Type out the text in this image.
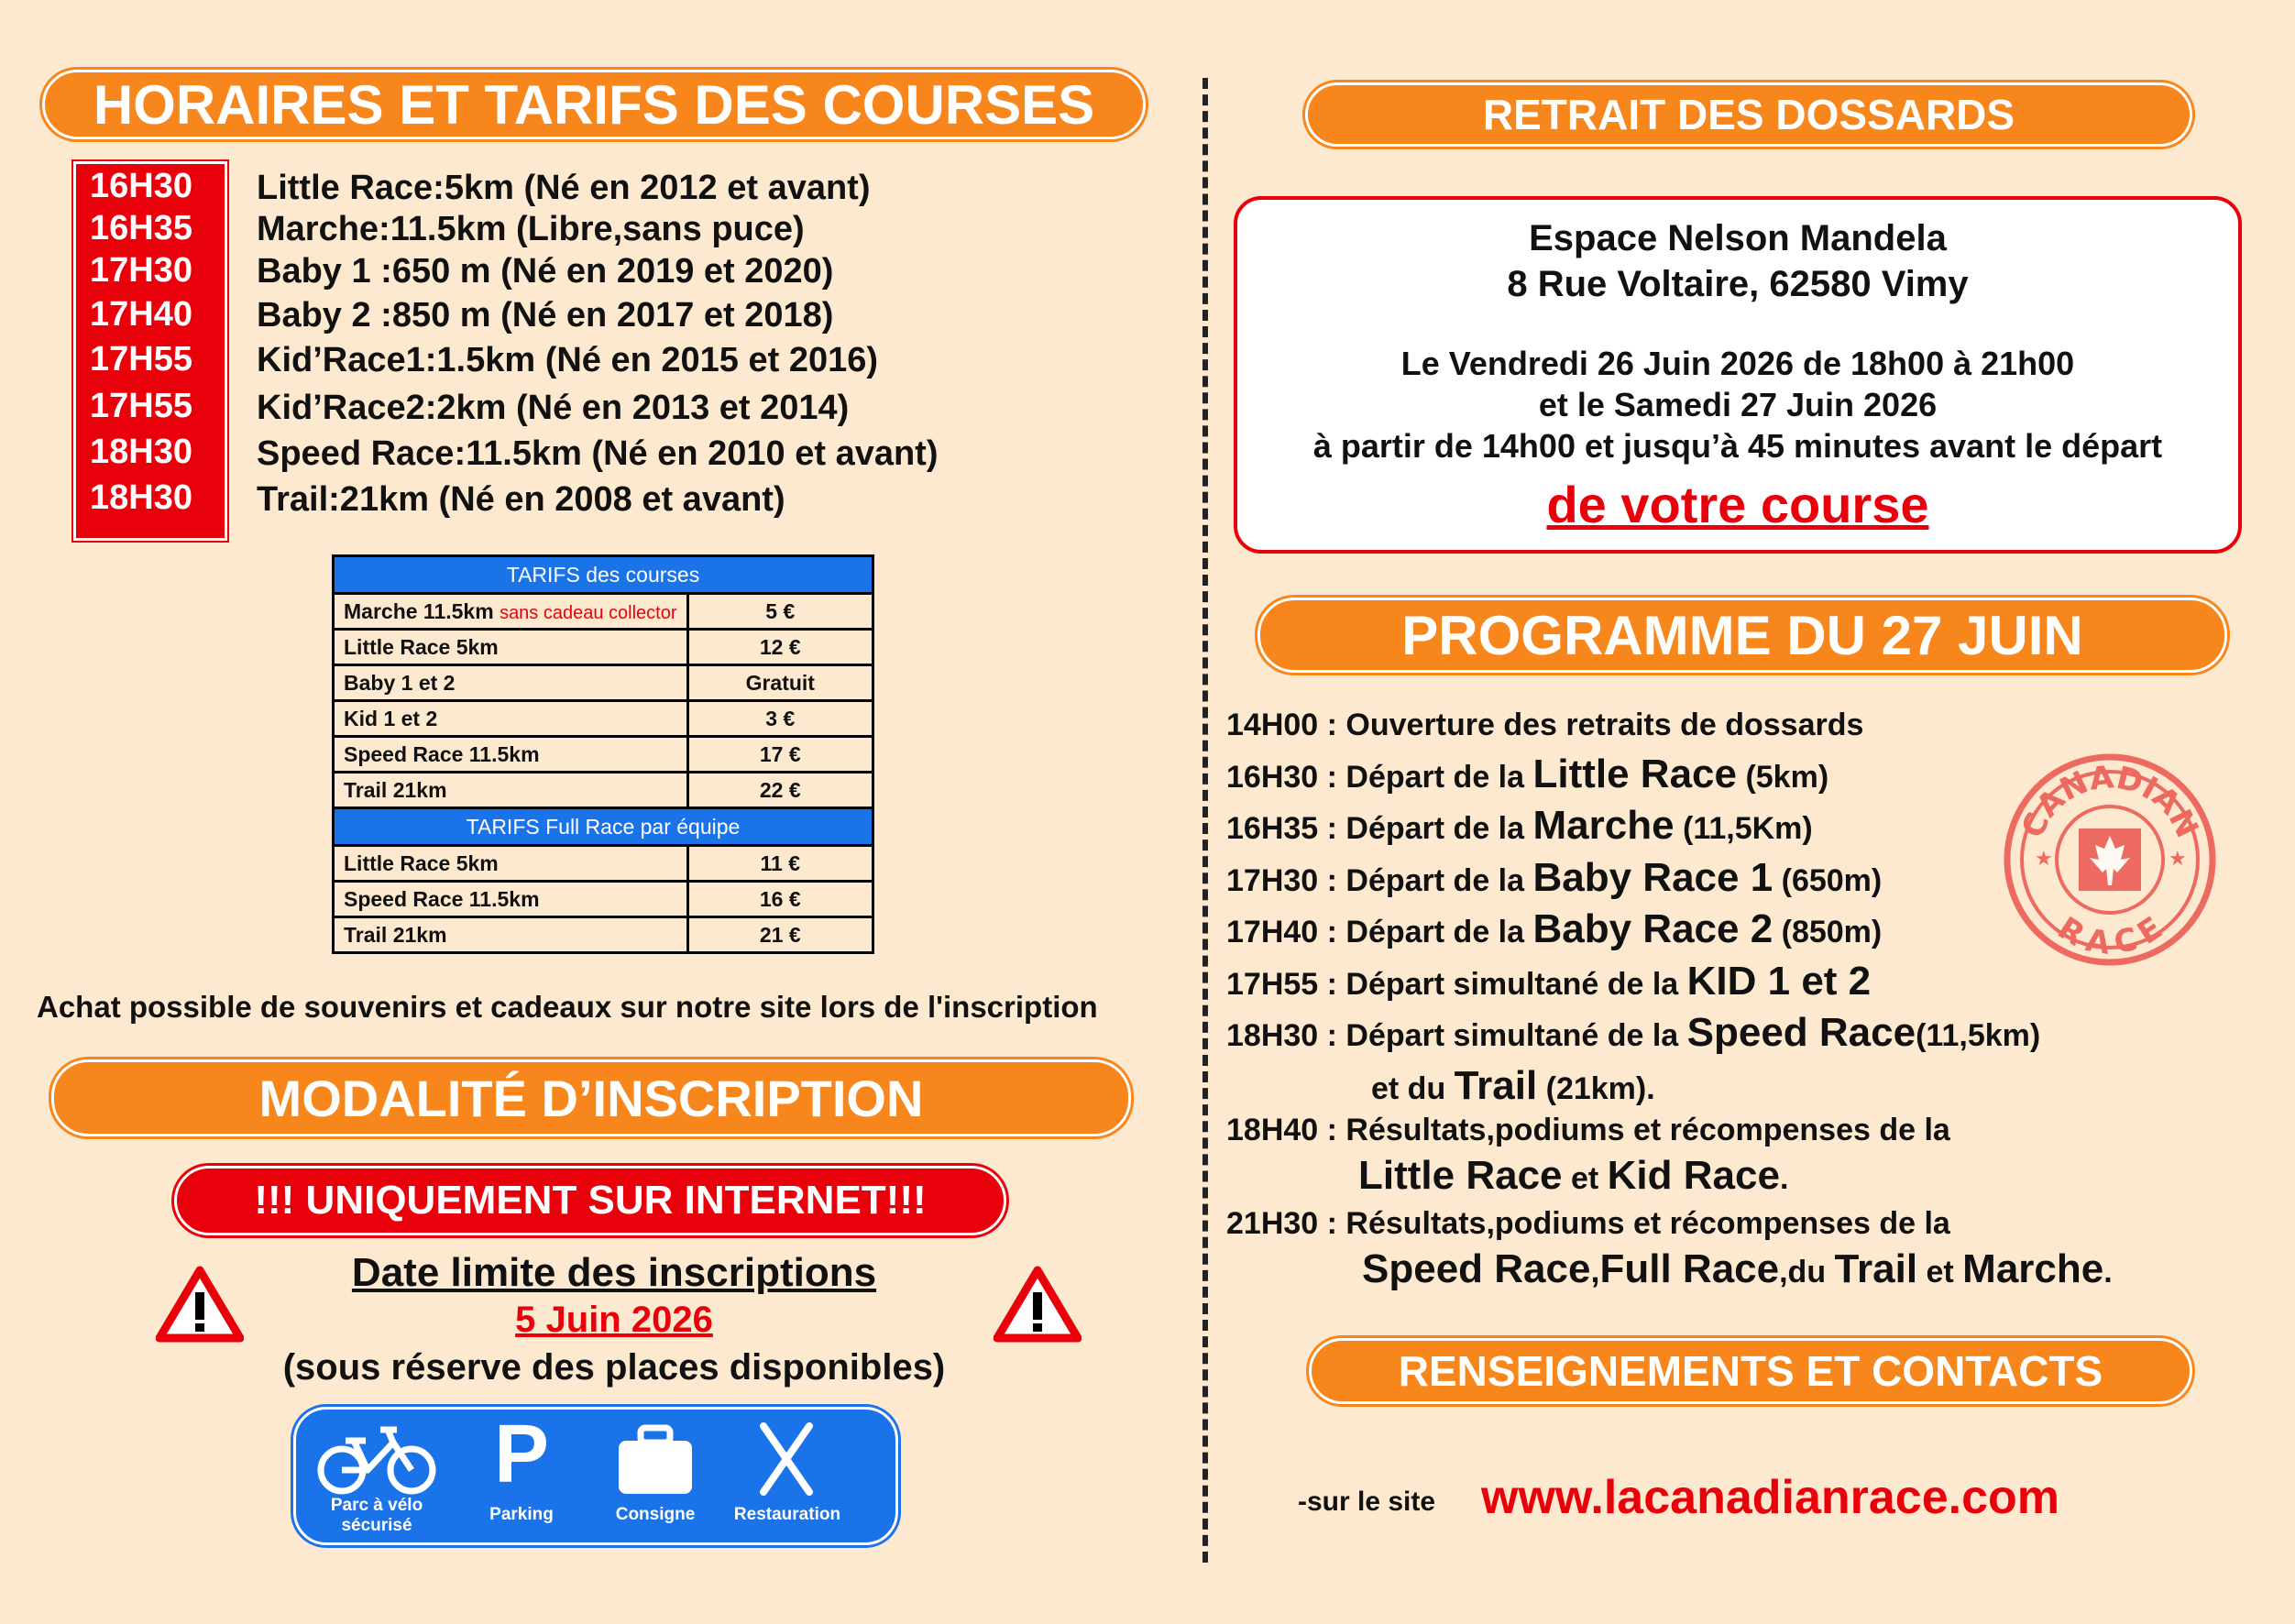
HORAIRES ET TARIFS DES COURSES
16H30 Little Race:5km (Né en 2012 et avant)
16H35 Marche:11.5km (Libre,sans puce)
17H30 Baby 1 :650 m (Né en 2019 et 2020)
17H40 Baby 2 :850 m (Né en 2017 et 2018)
17H55 Kid’Race1:1.5km (Né en 2015 et 2016)
17H55 Kid’Race2:2km (Né en 2013 et 2014)
18H30 Speed Race:11.5km (Né en 2010 et avant)
18H30 Trail:21km (Né en 2008 et avant)
TARIFS des courses	
Marche 11.5km sans cadeau collector	5 €
Little Race 5km	12 €
Baby 1 et 2	Gratuit
Kid 1 et 2	3 €
Speed Race 11.5km	17 €
Trail 21km	22 €
TARIFS Full Race par équipe	
Little Race 5km	11 €
Speed Race 11.5km	16 €
Trail 21km	21 €
Achat possible de souvenirs et cadeaux sur notre site lors de l'inscription
MODALITÉ D’INSCRIPTION
!!! UNIQUEMENT SUR INTERNET!!!
Date limite des inscriptions
5 Juin 2026
(sous réserve des places disponibles)
Parc à vélo sécurisé
P
Parking	Consigne	Restauration
RETRAIT DES DOSSARDS
Espace Nelson Mandela
8 Rue Voltaire, 62580 Vimy
Le Vendredi 26 Juin 2026 de 18h00 à 21h00
et le Samedi 27 Juin 2026
à partir de 14h00 et jusqu’à 45 minutes avant le départ
de votre course
PROGRAMME DU 27 JUIN
14H00 : Ouverture des retraits de dossards
16H30 : Départ de la Little Race (5km)
16H35 : Départ de la Marche (11,5Km)
17H30 : Départ de la Baby Race 1 (650m)
17H40 : Départ de la Baby Race 2 (850m)
17H55 : Départ simultané de la KID 1 et 2
18H30 : Départ simultané de la Speed Race(11,5km)
et du Trail (21km).
18H40 : Résultats,podiums et récompenses de la
Little Race et Kid Race.
21H30 : Résultats,podiums et récompenses de la
Speed Race,Full Race,du Trail et Marche.
CANADIAN
RACE
★	★
RENSEIGNEMENTS ET CONTACTS
-sur le site www.lacanadianrace.com
